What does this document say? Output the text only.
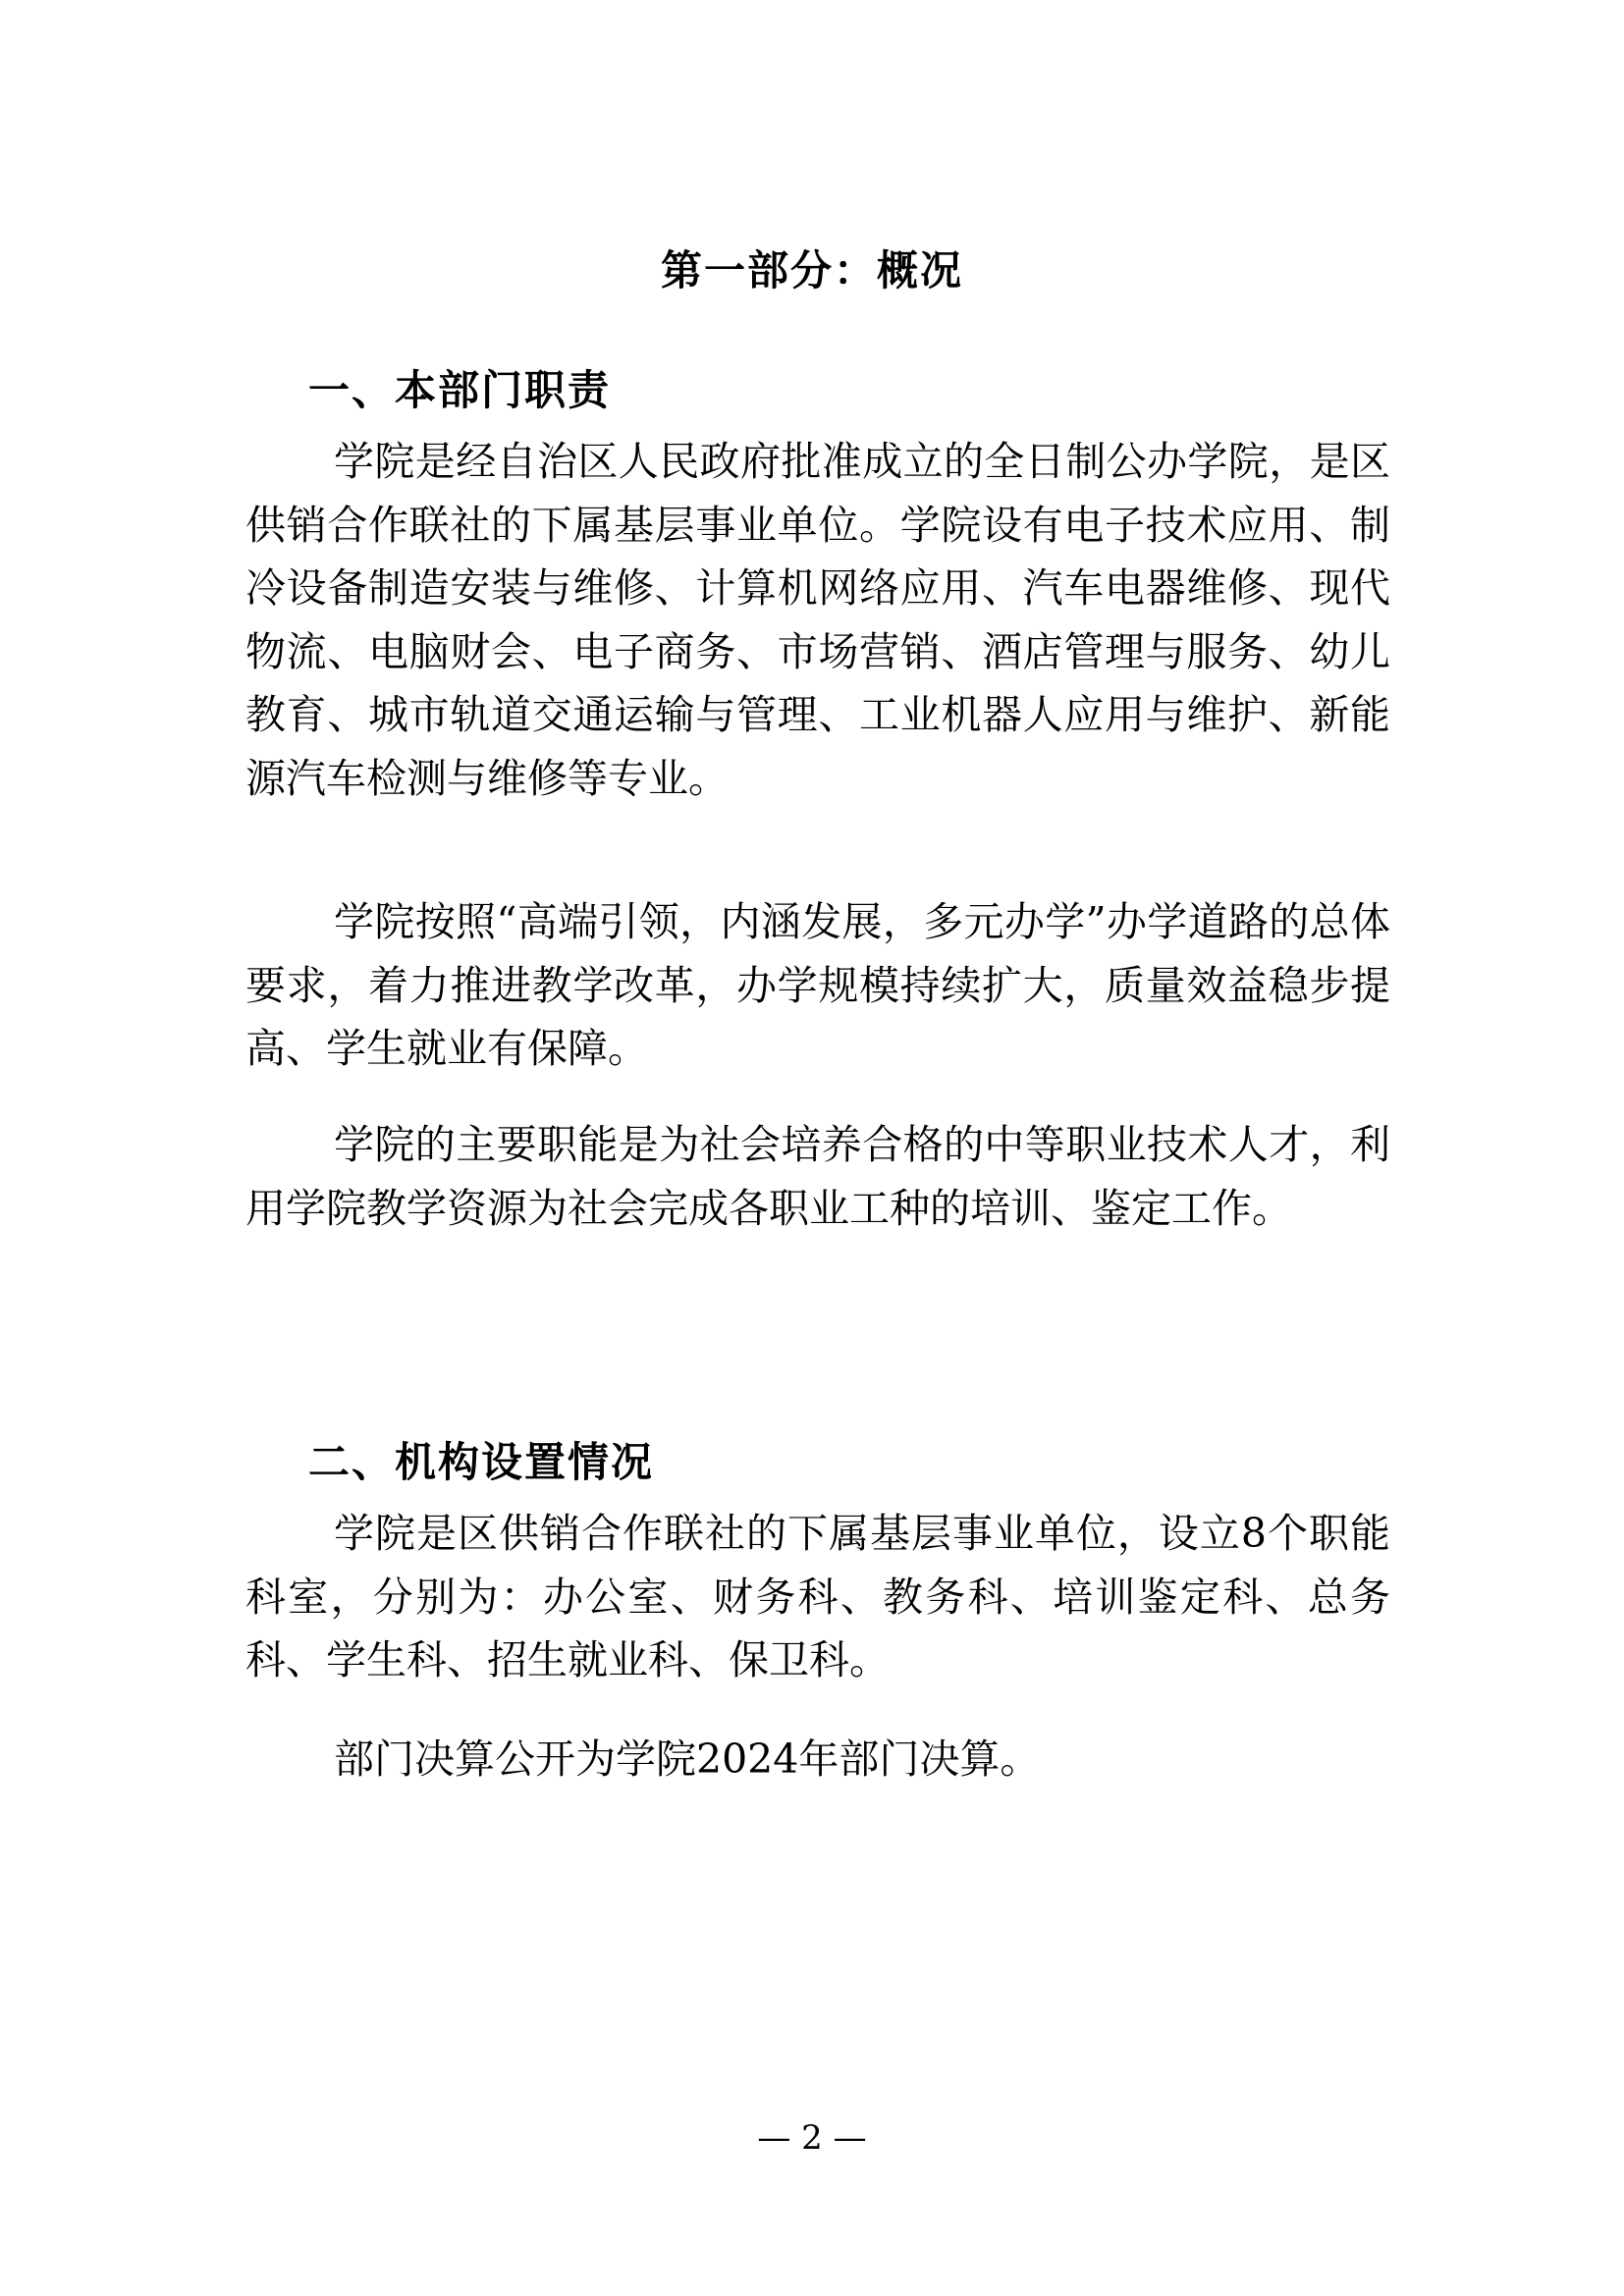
第一部分：概况
一、本部门职责

学院是经自治区人民政府批准成立的全日制公办学院，是区供销合作联社的下属基层事业单位。学院设有电子技术应用、制冷设备制造安装与维修、计算机网络应用、汽车电器维修、现代物流、电脑财会、电子商务、市场营销、酒店管理与服务、幼儿教育、城市轨道交通运输与管理、工业机器人应用与维护、新能源汽车检测与维修等专业。

学院按照“高端引领，内涵发展，多元办学”办学道路的总体要求，着力推进教学改革，办学规模持续扩大，质量效益稳步提高、学生就业有保障。

学院的主要职能是为社会培养合格的中等职业技术人才，利用学院教学资源为社会完成各职业工种的培训、鉴定工作。

二、机构设置情况

学院是区供销合作联社的下属基层事业单位，设立8个职能科室，分别为：办公室、财务科、教务科、培训鉴定科、总务科、学生科、招生就业科、保卫科。

部门决算公开为学院2024年部门决算。

— 2 —
